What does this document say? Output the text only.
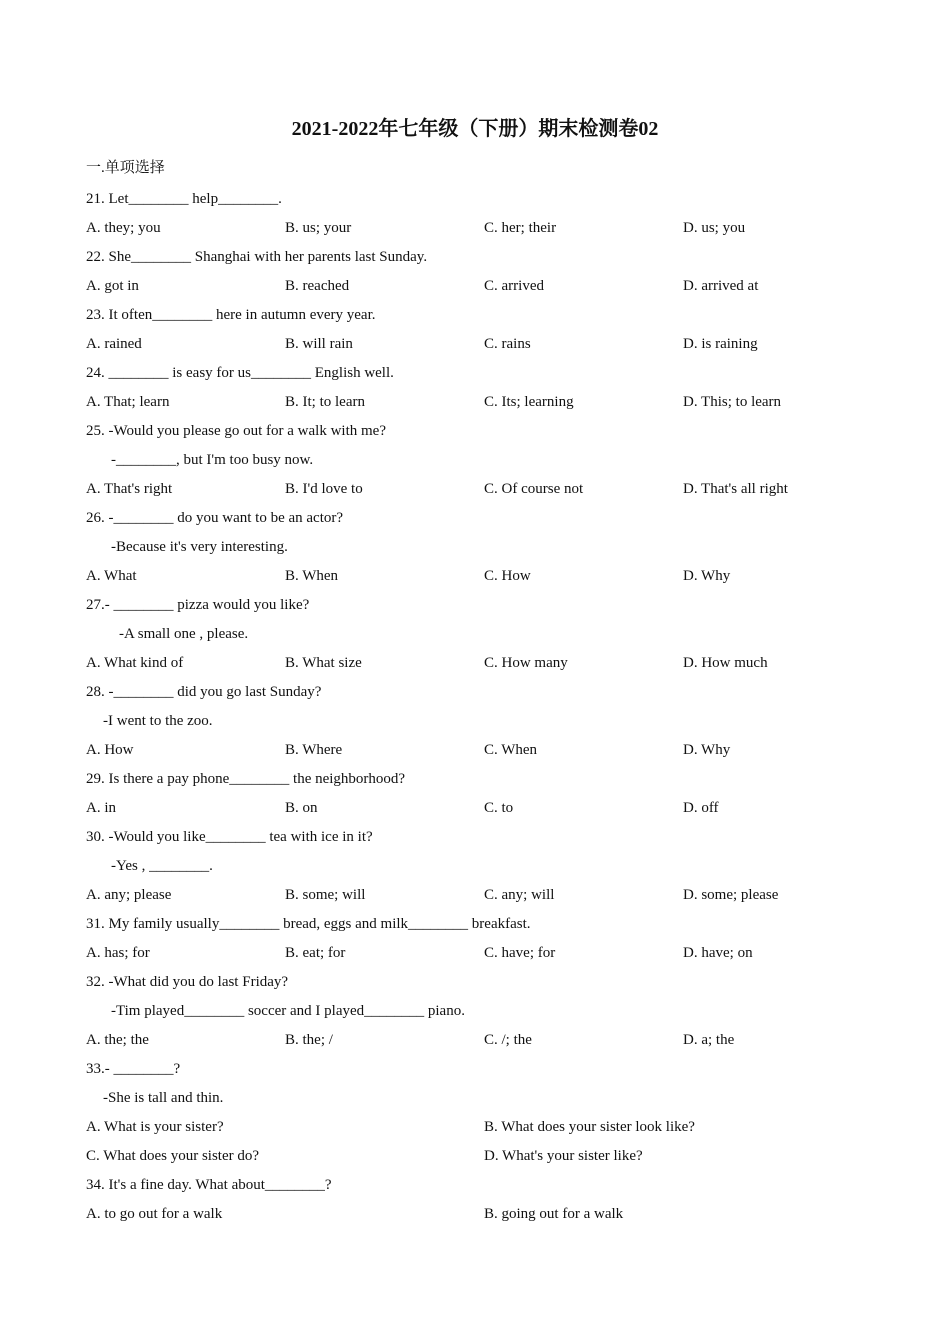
2021-2022年七年级（下册）期末检测卷02
一.单项选择
21. Let________ help________.
A. they; you	B. us; your	C. her; their	D. us; you
22. She________ Shanghai with her parents last Sunday.
A. got in	B. reached	C. arrived	D. arrived at
23. It often________ here in autumn every year.
A. rained	B. will rain	C. rains	D. is raining
24. ________ is easy for us________ English well.
A. That; learn	B. It; to learn	C. Its; learning	D. This; to learn
25. -Would you please go out for a walk with me?
-________, but I'm too busy now.
A. That's right	B. I'd love to	C. Of course not	D. That's all right
26. -________ do you want to be an actor?
-Because it's very interesting.
A. What	B. When	C. How	D. Why
27.- ________ pizza would you like?
-A small one , please.
A. What kind of	B. What size	C. How many	D. How much
28. -________ did you go last Sunday?
-I went to the zoo.
A. How	B. Where	C. When	D. Why
29. Is there a pay phone________ the neighborhood?
A. in	B. on	C. to	D. off
30. -Would you like________ tea with ice in it?
-Yes , ________.
A. any; please	B. some; will	C. any; will	D. some; please
31. My family usually________ bread, eggs and milk________ breakfast.
A. has; for	B. eat; for	C. have; for	D. have; on
32. -What did you do last Friday?
-Tim played________ soccer and I played________ piano.
A. the; the	B. the; /	C. /; the	D. a; the
33.- ________?
-She is tall and thin.
A. What is your sister?	B. What does your sister look like?
C. What does your sister do?	D. What's your sister like?
34. It's a fine day. What about________?
A. to go out for a walk	B. going out for a walk
